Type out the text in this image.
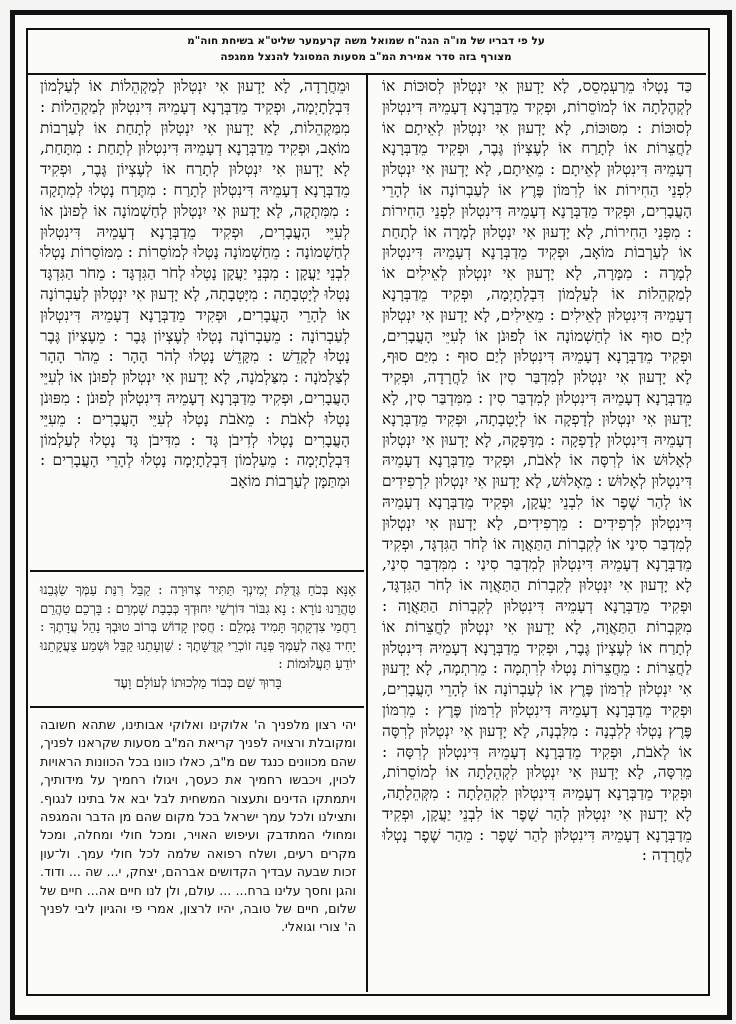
על פי דבריו של מו"ה הגה"ח שמואל משה קרעמער שליט"א בשיחת חוה"מ
מצורף בזה סדר אמירת המ"ב מסעות המסוגל להנצל ממגפה

כַּד נָטְלוּ מֵרַעְמְסֵס, לָא יָדְעוּן אִי יִנְטְלוּן לְסוּכּוֹת אוֹ לְקְהֶלָתָה אוֹ לְמוֹסֵרוֹת, וּפְקִיד מֵדַבְּרָנָא דְעָמֵיהּ דִּינִטְלוּן לְסוּכּוֹת : מִסּוּכּוֹת, לָא יָדְעוּן אִי יִנְטְלוּן לְאֵיתָם אוֹ לַחֲצֵרוֹת אוֹ לְתָרַח אוֹ לְעֶצְיוֹן גֶּבֶר, וּפְקִיד מֵדַבְּרָנָא דְעָמֵיהּ דִּינִטְלוּן לְאֵיתָם : מֵאֵיתָם, לָא יָדְעוּן אִי יִנְטְלוּן לִפְנֵי הַחִירוֹת אוֹ לְרִמּוֹן פֶּרֶץ אוֹ לְעַבְרוֹנָה אוֹ לְהָרֵי הָעֲבָרִים, וּפְקִיד מֵדַבְּרָנָא דְעָמֵיהּ דִּינִטְלוּן לִפְנֵי הַחִירוֹת : מִפְּנֵי הַחִירוֹת, לָא יָדְעוּן אִי יִנְטְלוּן לְמָרָה אוֹ לְתָחַת אוֹ לְעַרְבוֹת מוֹאָב, וּפְקִיד מֵדַבְּרָנָא דְעָמֵיהּ דִּינִטְלוּן לְמָרָה : מִמָּרָה, לָא יָדְעוּן אִי יִנְטְלוּן לְאֵילִים אוֹ לְמַקְהֵלוֹת אוֹ לְעַלְמוֹן דִּבְלָתָיְמָה, וּפְקִיד מֵדַבְּרָנָא דְעָמֵיהּ דִּינִטְלוּן לְאֵילִים : מֵאֵילִים, לָא יָדְעוּן אִי יִנְטְלוּן לְיַם סוּף אוֹ לְחַשְׁמוֹנָה אוֹ לְפוּנֹן אוֹ לְעִיֵּי הָעֲבָרִים, וּפְקִיד מֵדַבְּרָנָא דְעָמֵיהּ דִּינִטְלוּן לְיַם סוּף : מִיַּם סוּף, לָא יָדְעוּן אִי יִנְטְלוּן לְמִדְבַּר סִין אוֹ לַחֲרָדָה, וּפְקִיד מֵדַבְּרָנָא דְעָמֵיהּ דִּינִטְלוּן לְמִדְבַּר סִין : מִמִּדְבַּר סִין, לָא יָדְעוּן אִי יִנְטְלוּן לְדָפְקָה אוֹ לְיָטְבָתָה, וּפְקִיד מֵדַבְּרָנָא דְעָמֵיהּ דִּינִטְלוּן לְדָפְקָה : מִדָּפְקָה, לָא יָדְעוּן אִי יִנְטְלוּן לְאָלוּשׁ אוֹ לְרִסָּה אוֹ לְאֹבֹת, וּפְקִיד מֵדַבְּרָנָא דְעָמֵיהּ דִּינִטְלוּן לְאָלוּשׁ : מֵאָלוּשׁ, לָא יָדְעוּן אִי יִנְטְלוּן לִרְפִידִים אוֹ לְהַר שֶׁפֶר אוֹ לִבְנֵי יַעֲקָן, וּפְקִיד מֵדַבְּרָנָא דְעָמֵיהּ דִּינִטְלוּן לִרְפִידִים : מֵרְפִידִים, לָא יָדְעוּן אִי יִנְטְלוּן לְמִדְבַּר סִינַי אוֹ לְקִבְרוֹת הַתַּאֲוָה אוֹ לְחֹר הַגִּדְגָּד, וּפְקִיד מֵדַבְּרָנָא דְעָמֵיהּ דִּינִטְלוּן לְמִדְבַּר סִינַי : מִמִּדְבַּר סִינַי, לָא יָדְעוּן אִי יִנְטְלוּן לְקִבְרוֹת הַתַּאֲוָה אוֹ לְחֹר הַגִּדְגָּד, וּפְקִיד מֵדַבְּרָנָא דְעָמֵיהּ דִּינִטְלוּן לְקִבְרוֹת הַתַּאֲוָה : מִקִּבְרוֹת הַתַּאֲוָה, לָא יָדְעוּן אִי יִנְטְלוּן לַחֲצֵרוֹת אוֹ לְתָרַח אוֹ לְעֶצְיוֹן גֶּבֶר, וּפְקִיד מֵדַבְּרָנָא דְעָמֵיהּ דִּינִטְלוּן לַחֲצֵרוֹת : מֵחֲצֵרוֹת נָטְלוּ לְרִתְמָה : מֵרִתְמָה, לָא יָדְעוּן אִי יִנְטְלוּן לְרִמּוֹן פֶּרֶץ אוֹ לְעַבְרוֹנָה אוֹ לְהָרֵי הָעֲבָרִים, וּפְקִיד מֵדַבְּרָנָא דְעָמֵיהּ דִּינִטְלוּן לְרִמּוֹן פֶּרֶץ : מֵרִמּוֹן פֶּרֶץ נָטְלוּ לְלִבְנָה : מִלִּבְנָה, לָא יָדְעוּן אִי יִנְטְלוּן לְרִסָּה אוֹ לְאֹבֹת, וּפְקִיד מֵדַבְּרָנָא דְעָמֵיהּ דִּינִטְלוּן לְרִסָּה : מֵרִסָּה, לָא יָדְעוּן אִי יִנְטְלוּן לִקְהֵלָתָה אוֹ לְמוֹסֵרוֹת, וּפְקִיד מֵדַבְּרָנָא דְעָמֵיהּ דִּינִטְלוּן לִקְהֵלָתָה : מִקְּהֵלָתָה, לָא יָדְעוּן אִי יִנְטְלוּן לְהַר שָׁפֶר אוֹ לִבְנֵי יַעֲקָן, וּפְקִיד מֵדַבְּרָנָא דְעָמֵיהּ דִּינִטְלוּן לְהַר שָׁפֶר : מֵהַר שֶׁפֶר נָטְלוּ לַחֲרָדָה :

וּמֵחֲרָדָה, לָא יָדְעוּן אִי יִנְטְלוּן לְמַקְהֵלוֹת אוֹ לְעַלְמוֹן דִּבְלָתָיְמָה, וּפְקִיד מֵדַבְּרָנָא דְעָמֵיהּ דִּינִטְלוּן לְמַקְהֵלוֹת : מִמַּקְהֵלוֹת, לָא יָדְעוּן אִי יִנְטְלוּן לְתָחַת אוֹ לְעַרְבוֹת מוֹאָב, וּפְקִיד מֵדַבְּרָנָא דְעָמֵיהּ דִּינִטְלוּן לְתָחַת : מִתָּחַת, לָא יָדְעוּן אִי יִנְטְלוּן לְתָרַח אוֹ לְעֶצְיוֹן גֶּבֶר, וּפְקִיד מֵדַבְּרָנָא דְעָמֵיהּ דִּינִטְלוּן לְתָרַח : מִתֶּרַח נָטְלוּ לְמִתְקָה : מִמִּתְקָה, לָא יָדְעוּן אִי יִנְטְלוּן לְחַשְׁמוֹנָה אוֹ לְפוּנֹן אוֹ לְעִיֵּי הָעֲבָרִים, וּפְקִיד מֵדַבְּרָנָא דְעָמֵיהּ דִּינִטְלוּן לְחַשְׁמוֹנָה : מֵחַשְׁמוֹנָה נָטְלוּ לְמוֹסֵרוֹת : מִמּוֹסֵרוֹת נָטְלוּ לִבְנֵי יַעֲקָן : מִבְּנֵי יַעֲקָן נָטְלוּ לְחֹר הַגִּדְגָּד : מֵחֹר הַגִּדְגָּד נָטְלוּ לְיָטְבָתָה : מִיָּטְבָתָה, לָא יָדְעוּן אִי יִנְטְלוּן לְעַבְרוֹנָה אוֹ לְהָרֵי הָעֲבָרִים, וּפְקִיד מֵדַבְּרָנָא דְעָמֵיהּ דִּינִטְלוּן לְעַבְרוֹנָה : מֵעַבְרוֹנָה נָטְלוּ לְעֶצְיוֹן גָּבֶר : מֵעֶצְיוֹן גֶּבֶר נָטְלוּ לְקָדֵשׁ : מִקָּדֵשׁ נָטְלוּ לְהֹר הָהָר : מֵהֹר הָהָר לְצַלְמֹנָה : מִצַּלְמֹנָה, לָא יָדְעוּן אִי יִנְטְלוּן לְפוּנֹן אוֹ לְעִיֵּי הָעֲבָרִים, וּפְקִיד מֵדַבְּרָנָא דְעָמֵיהּ דִּינִטְלוּן לְפוּנֹן : מִפּוּנֹן נָטְלוּ לְאֹבֹת : מֵאֹבֹת נָטְלוּ לְעִיֵּי הָעֲבָרִים : מֵעִיֵּי הָעֲבָרִים נָטְלוּ לְדִיבֹן גָּד : מִדִּיבֹן גָּד נָטְלוּ לְעַלְמוֹן דִּבְלָתָיְמָה : מֵעַלְמוֹן דִּבְלָתָיְמָה נָטְלוּ לְהָרֵי הָעֲבָרִים : וּמִתַּמָּן לְעַרְבוֹת מוֹאָב

אָנָּא בְּכֹחַ גְּדֻלַּת יְמִינְךָ תַּתִּיר צְרוּרָה : קַבֵּל רִנַּת עַמְּךָ שַׂגְּבֵנוּ טַהֲרֵנוּ נוֹרָא : נָא גִבּוֹר דּוֹרְשֵׁי יִחוּדְךָ כְּבָבַת שָׁמְרֵם : בָּרְכֵם טַהֲרֵם רַחֲמֵי צִדְקָתְךָ תָּמִיד גָּמְלֵם : חֲסִין קָדוֹשׁ בְּרוֹב טוּבְךָ נַהֵל עֲדָתֶךָ : יָחִיד גֵּאֶה לְעַמְּךָ פְּנֵה זוֹכְרֵי קְדֻשָּׁתֶךָ : שַׁוְעָתֵנוּ קַבֵּל וּשְׁמַע צַעֲקָתֵנוּ יוֹדֵעַ תַּעֲלוּמוֹת :

בָּרוּךְ שֵׁם כְּבוֹד מַלְכוּתוֹ לְעוֹלָם וָעֶד

יהי רצון מלפניך ה' אלוקינו ואלוקי אבותינו, שתהא חשובה ומקובלת ורצויה לפניך קריאת המ"ב מסעות שקראנו לפניך, שהם מכוונים כנגד שם מ"ב, כאלו כוונו בכל הכוונות הראויות לכוין, ויכבשו רחמיך את כעסך, ויגולו רחמיך על מידותיך, ויתמתקו הדינים ותעצור המשחית לבל יבא אל בתינו לנגוף. ותצילנו ולכל עמך ישראל בכל מקום שהם מן הדבר והמגפה ומחולי המתדבק ועיפוש האויר, ומכל חולי ומחלה, ומכל מקרים רעים, ושלח רפואה שלמה לכל חולי עמך. ול־עון זכות שבעה עבדיך הקדושים אברהם, יצחק, י... שה ... ודוד. והגן וחסך עלינו ברח... ... עולם, ולן לנו חיים אה... חיים של שלום, חיים של טובה, יהיו לרצון, אמרי פי והגיון ליבי לפניך ה' צורי וגואלי.
